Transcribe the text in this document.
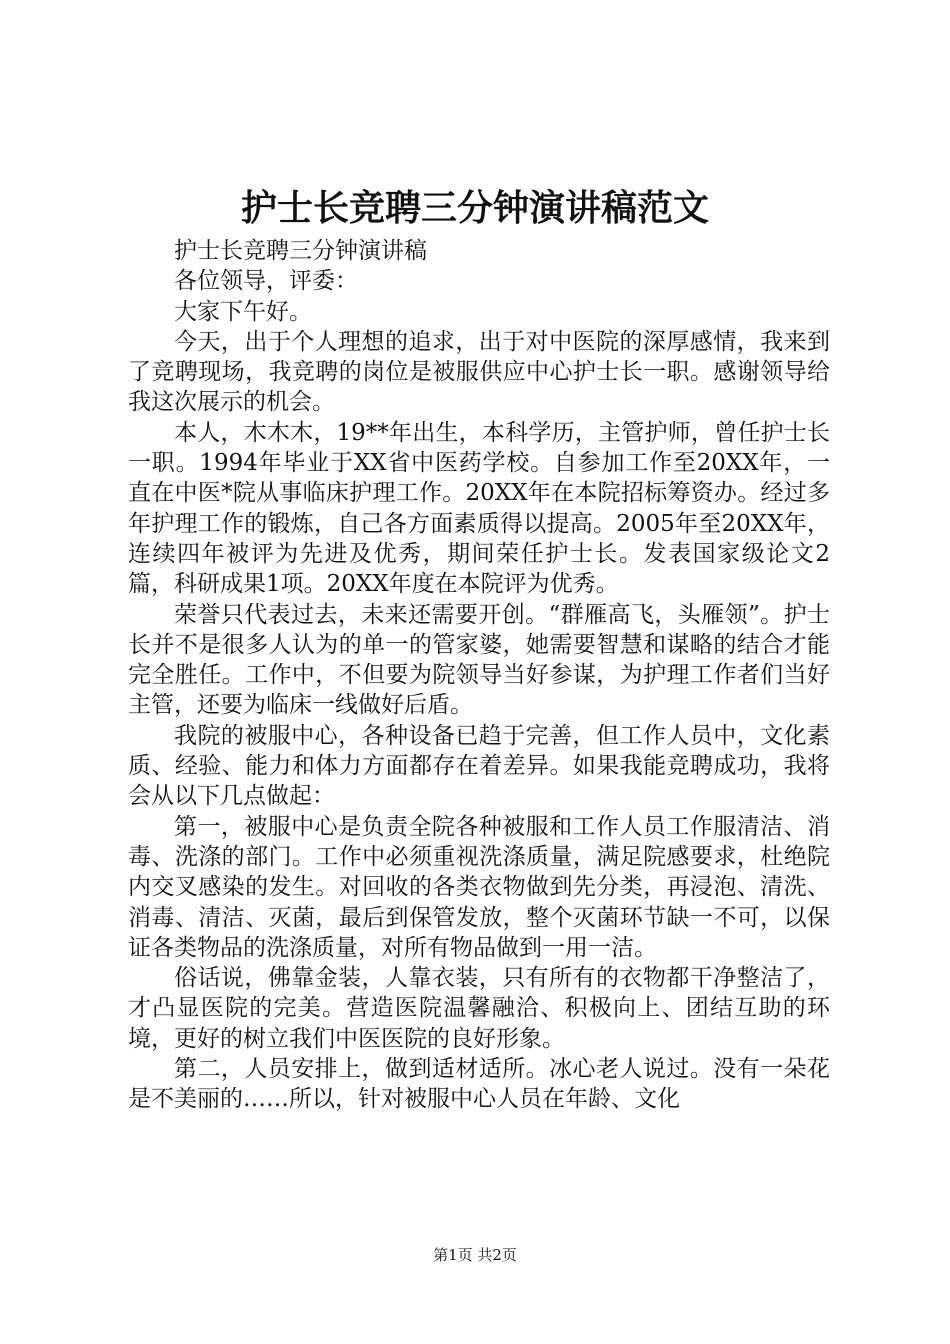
护士长竞聘三分钟演讲稿范文

护士长竞聘三分钟演讲稿

各位领导，评委：

大家下午好。

今天，出于个人理想的追求，出于对中医院的深厚感情，我来到了竞聘现场，我竞聘的岗位是被服供应中心护士长一职。感谢领导给我这次展示的机会。

本人，木木木，19**年出生，本科学历，主管护师，曾任护士长一职。1994年毕业于XX省中医药学校。自参加工作至20XX年，一直在中医*院从事临床护理工作。20XX年在本院招标筹资办。经过多年护理工作的锻炼，自己各方面素质得以提高。2005年至20XX年，连续四年被评为先进及优秀，期间荣任护士长。发表国家级论文2篇，科研成果1项。20XX年度在本院评为优秀。

荣誉只代表过去，未来还需要开创。“群雁高飞，头雁领”。护士长并不是很多人认为的单一的管家婆，她需要智慧和谋略的结合才能完全胜任。工作中，不但要为院领导当好参谋，为护理工作者们当好主管，还要为临床一线做好后盾。

我院的被服中心，各种设备已趋于完善，但工作人员中，文化素质、经验、能力和体力方面都存在着差异。如果我能竞聘成功，我将会从以下几点做起：

第一，被服中心是负责全院各种被服和工作人员工作服清洁、消毒、洗涤的部门。工作中必须重视洗涤质量，满足院感要求，杜绝院内交叉感染的发生。对回收的各类衣物做到先分类，再浸泡、清洗、消毒、清洁、灭菌，最后到保管发放，整个灭菌环节缺一不可，以保证各类物品的洗涤质量，对所有物品做到一用一洁。

俗话说，佛靠金装，人靠衣装，只有所有的衣物都干净整洁了，才凸显医院的完美。营造医院温馨融洽、积极向上、团结互助的环境，更好的树立我们中医医院的良好形象。

第二，人员安排上，做到适材适所。冰心老人说过。没有一朵花是不美丽的……所以，针对被服中心人员在年龄、文化

第1页 共2页
